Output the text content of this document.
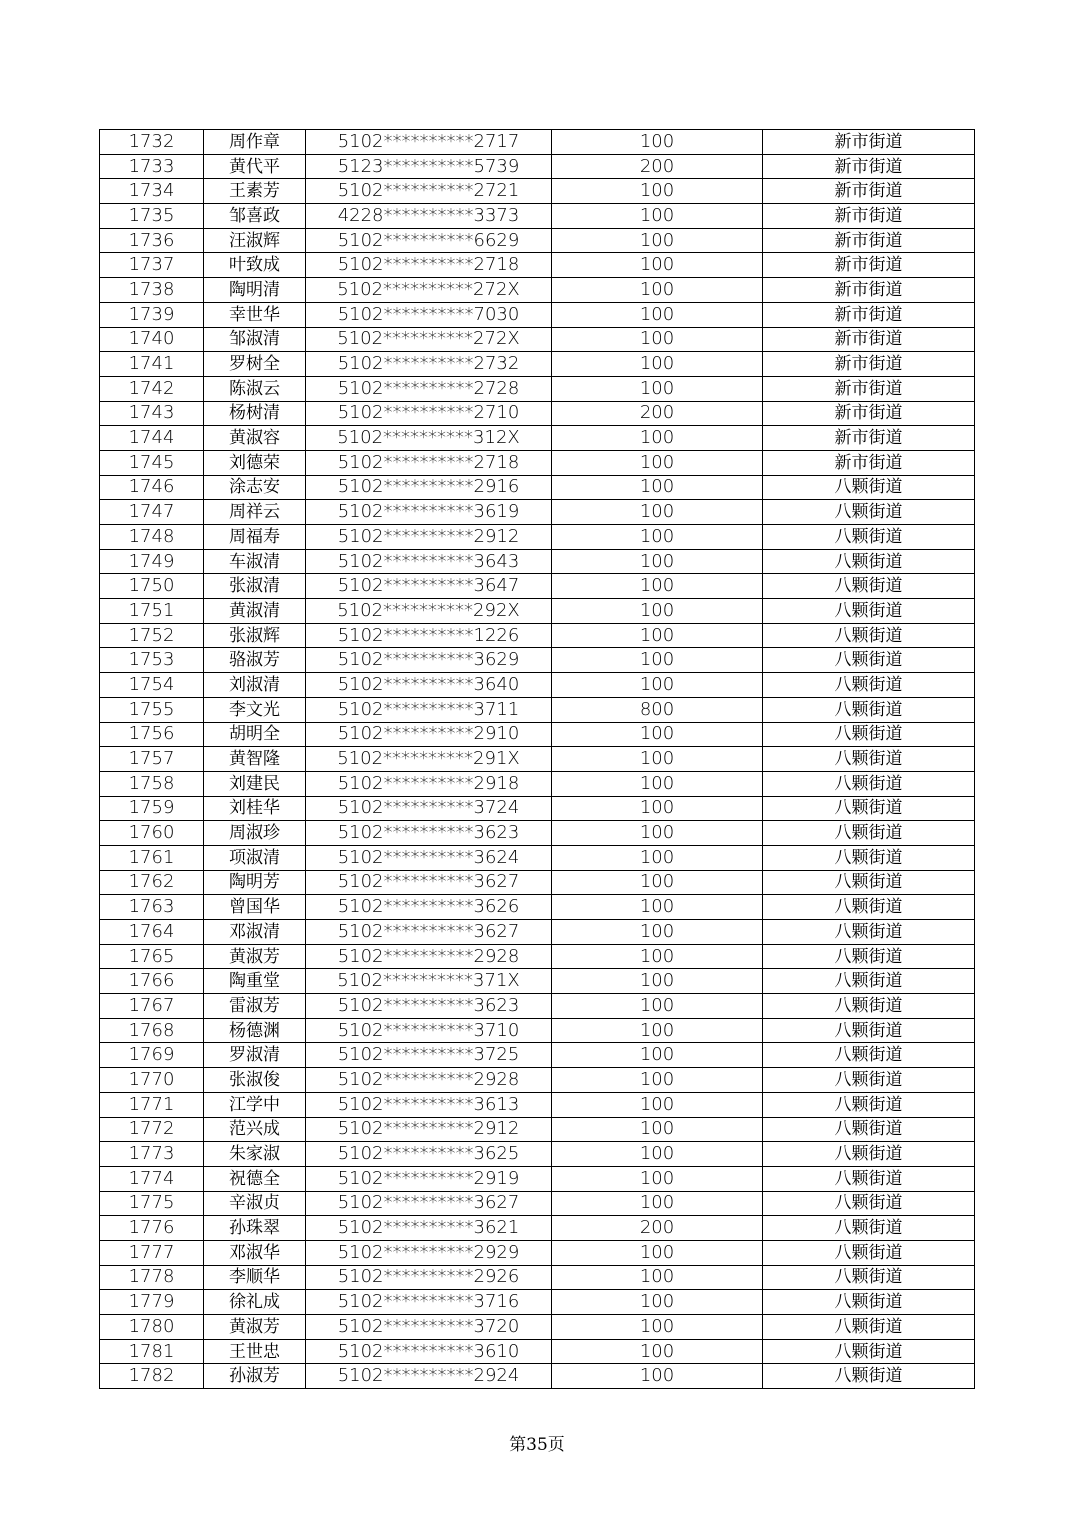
1732	周作章	5102**********2717	100	新市街道
1733	黄代平	5123**********5739	200	新市街道
1734	王素芳	5102**********2721	100	新市街道
1735	邹喜政	4228**********3373	100	新市街道
1736	汪淑辉	5102**********6629	100	新市街道
1737	叶致成	5102**********2718	100	新市街道
1738	陶明清	5102**********272X	100	新市街道
1739	幸世华	5102**********7030	100	新市街道
1740	邹淑清	5102**********272X	100	新市街道
1741	罗树全	5102**********2732	100	新市街道
1742	陈淑云	5102**********2728	100	新市街道
1743	杨树清	5102**********2710	200	新市街道
1744	黄淑容	5102**********312X	100	新市街道
1745	刘德荣	5102**********2718	100	新市街道
1746	涂志安	5102**********2916	100	八颗街道
1747	周祥云	5102**********3619	100	八颗街道
1748	周福寿	5102**********2912	100	八颗街道
1749	车淑清	5102**********3643	100	八颗街道
1750	张淑清	5102**********3647	100	八颗街道
1751	黄淑清	5102**********292X	100	八颗街道
1752	张淑辉	5102**********1226	100	八颗街道
1753	骆淑芳	5102**********3629	100	八颗街道
1754	刘淑清	5102**********3640	100	八颗街道
1755	李文光	5102**********3711	800	八颗街道
1756	胡明全	5102**********2910	100	八颗街道
1757	黄智隆	5102**********291X	100	八颗街道
1758	刘建民	5102**********2918	100	八颗街道
1759	刘桂华	5102**********3724	100	八颗街道
1760	周淑珍	5102**********3623	100	八颗街道
1761	项淑清	5102**********3624	100	八颗街道
1762	陶明芳	5102**********3627	100	八颗街道
1763	曾国华	5102**********3626	100	八颗街道
1764	邓淑清	5102**********3627	100	八颗街道
1765	黄淑芳	5102**********2928	100	八颗街道
1766	陶重堂	5102**********371X	100	八颗街道
1767	雷淑芳	5102**********3623	100	八颗街道
1768	杨德渊	5102**********3710	100	八颗街道
1769	罗淑清	5102**********3725	100	八颗街道
1770	张淑俊	5102**********2928	100	八颗街道
1771	江学中	5102**********3613	100	八颗街道
1772	范兴成	5102**********2912	100	八颗街道
1773	朱家淑	5102**********3625	100	八颗街道
1774	祝德全	5102**********2919	100	八颗街道
1775	辛淑贞	5102**********3627	100	八颗街道
1776	孙珠翠	5102**********3621	200	八颗街道
1777	邓淑华	5102**********2929	100	八颗街道
1778	李顺华	5102**********2926	100	八颗街道
1779	徐礼成	5102**********3716	100	八颗街道
1780	黄淑芳	5102**********3720	100	八颗街道
1781	王世忠	5102**********3610	100	八颗街道
1782	孙淑芳	5102**********2924	100	八颗街道
第35页
